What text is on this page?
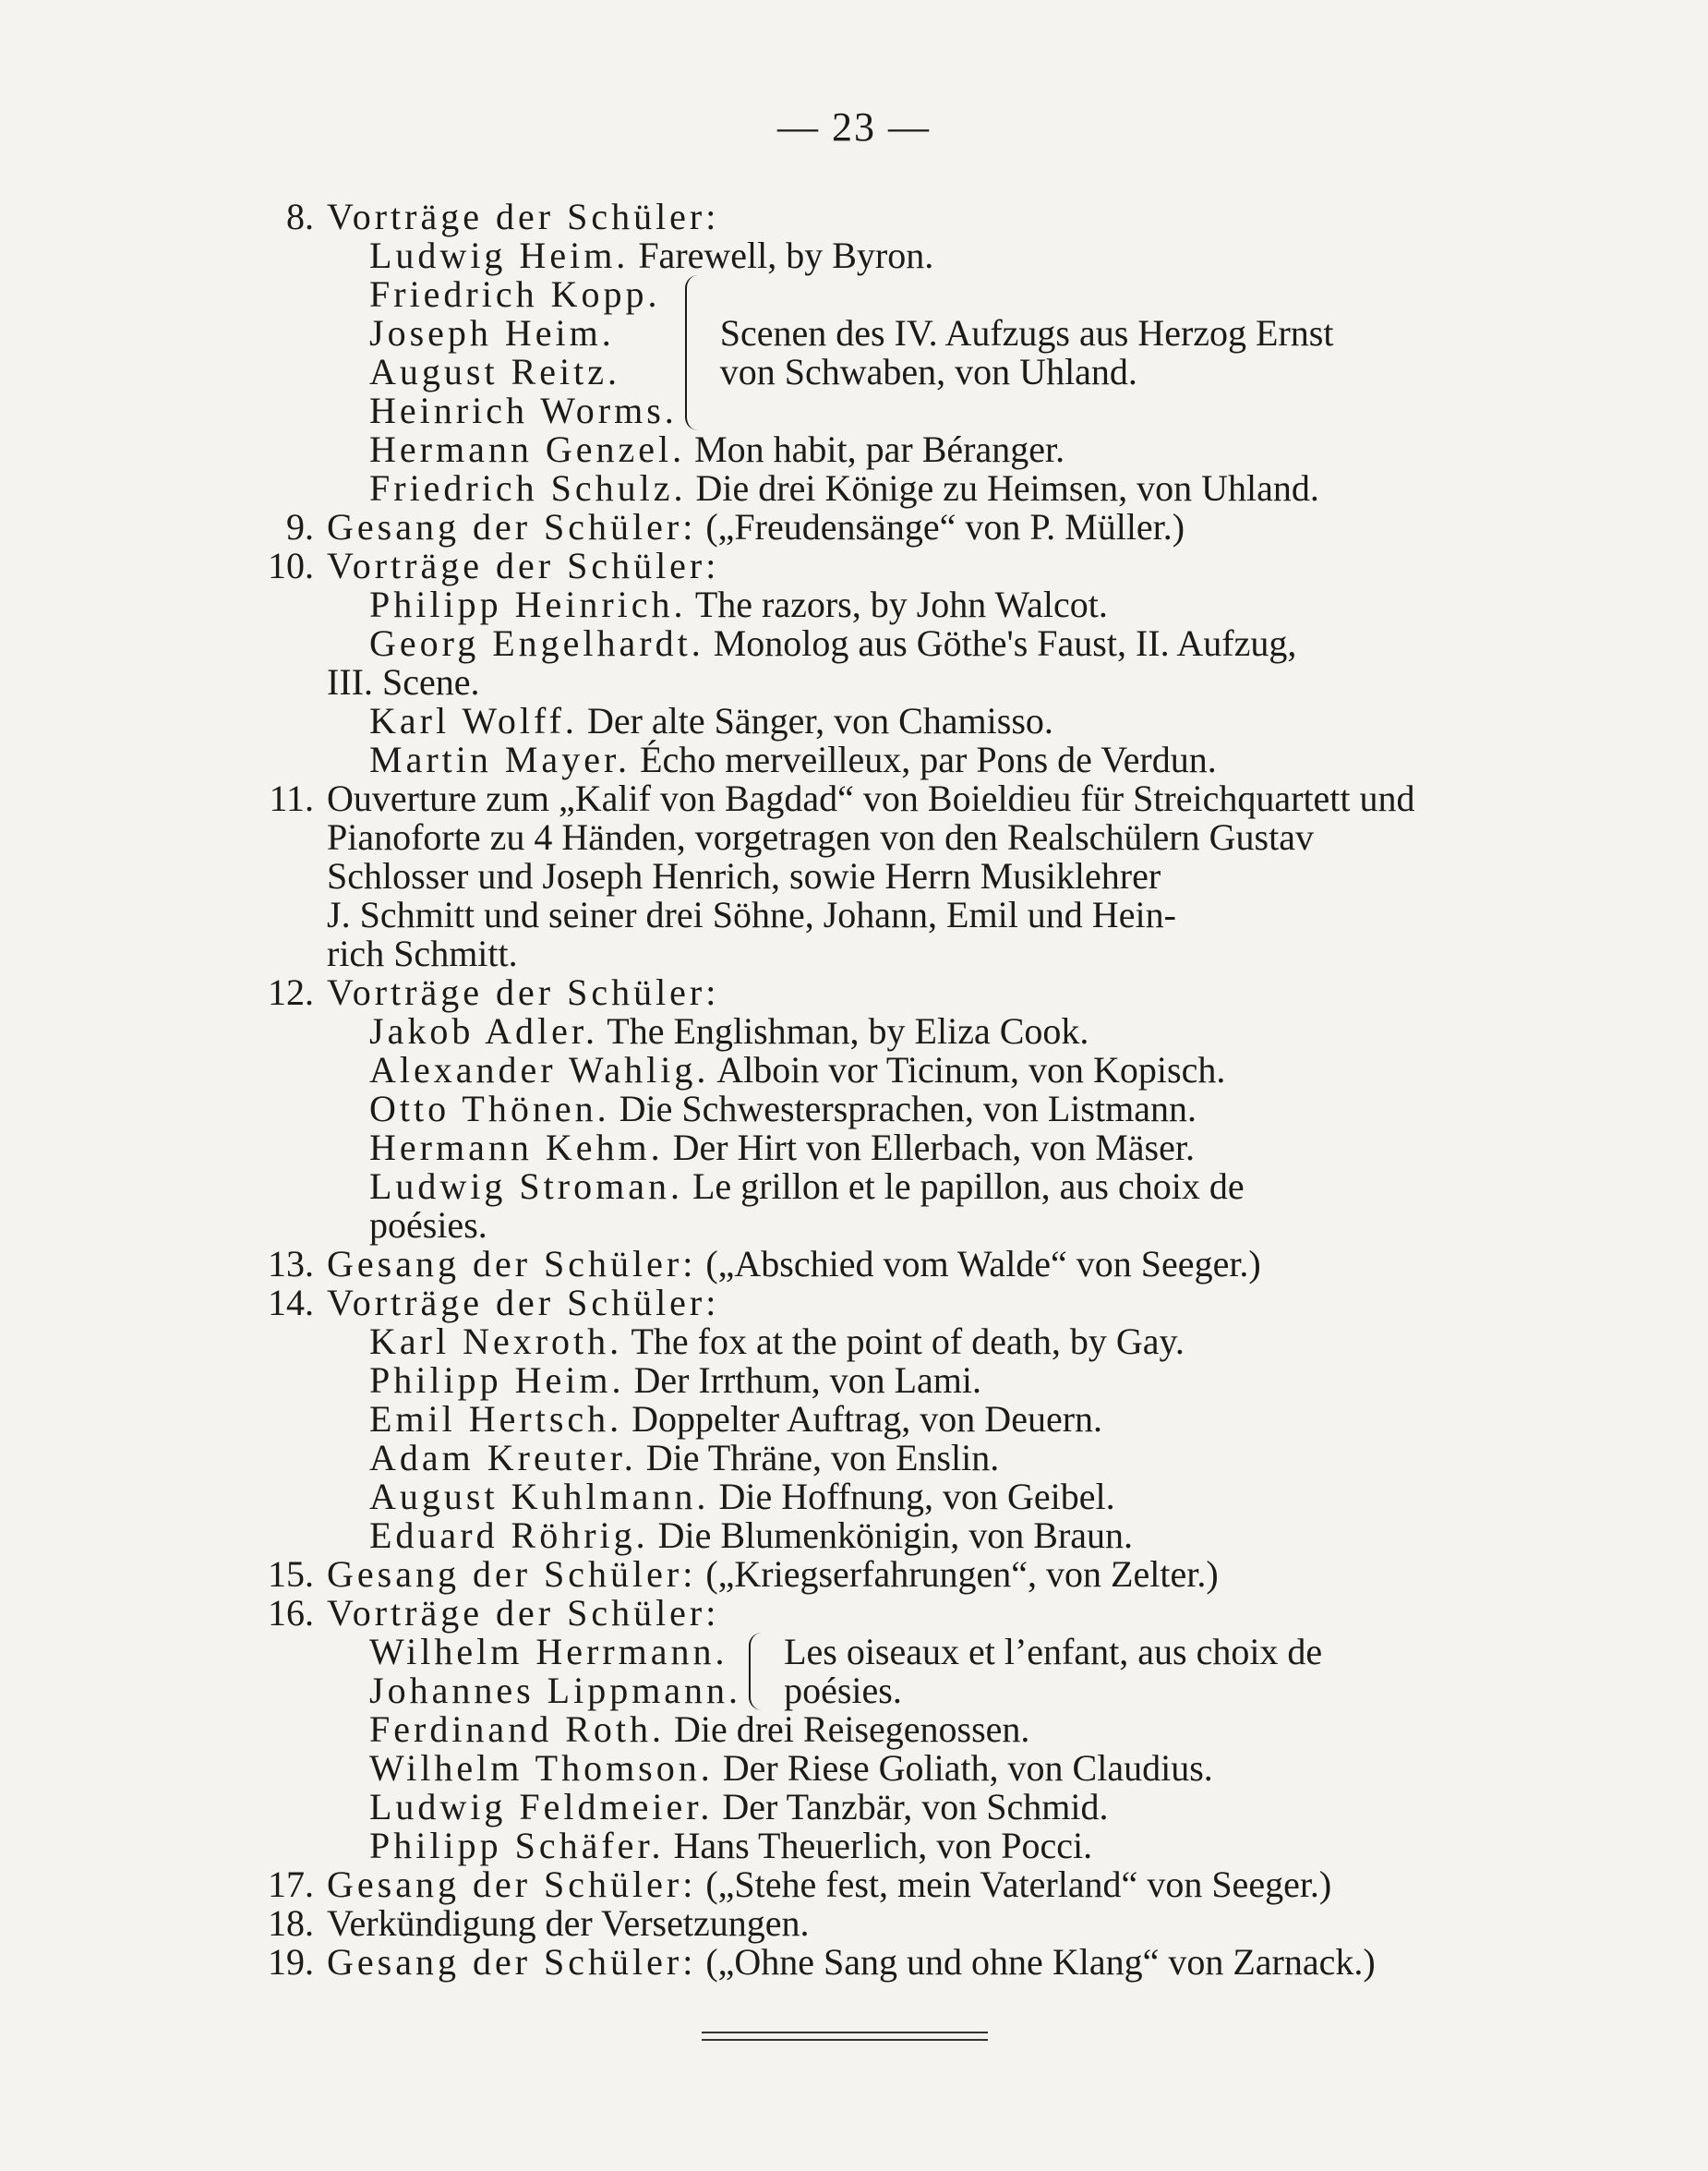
— 23 —
8. Vorträge der Schüler:
Ludwig Heim. Farewell, by Byron.
Friedrich Kopp.
Joseph Heim.
August Reitz.
Heinrich Worms.
Scenen des IV. Aufzugs aus Herzog Ernst
von Schwaben, von Uhland.
Hermann Genzel. Mon habit, par Béranger.
Friedrich Schulz. Die drei Könige zu Heimsen, von Uhland.
9. Gesang der Schüler: („Freudensänge“ von P. Müller.)
10. Vorträge der Schüler:
Philipp Heinrich. The razors, by John Walcot.
Georg Engelhardt. Monolog aus Göthe's Faust, II. Aufzug,
III. Scene.
Karl Wolff. Der alte Sänger, von Chamisso.
Martin Mayer. Écho merveilleux, par Pons de Verdun.
11. Ouverture zum „Kalif von Bagdad“ von Boieldieu für Streichquartett und
Pianoforte zu 4 Händen, vorgetragen von den Realschülern Gustav
Schlosser und Joseph Henrich, sowie Herrn Musiklehrer
J. Schmitt und seiner drei Söhne, Johann, Emil und Hein-
rich Schmitt.
12. Vorträge der Schüler:
Jakob Adler. The Englishman, by Eliza Cook.
Alexander Wahlig. Alboin vor Ticinum, von Kopisch.
Otto Thönen. Die Schwestersprachen, von Listmann.
Hermann Kehm. Der Hirt von Ellerbach, von Mäser.
Ludwig Stroman. Le grillon et le papillon, aus choix de
poésies.
13. Gesang der Schüler: („Abschied vom Walde“ von Seeger.)
14. Vorträge der Schüler:
Karl Nexroth. The fox at the point of death, by Gay.
Philipp Heim. Der Irrthum, von Lami.
Emil Hertsch. Doppelter Auftrag, von Deuern.
Adam Kreuter. Die Thräne, von Enslin.
August Kuhlmann. Die Hoffnung, von Geibel.
Eduard Röhrig. Die Blumenkönigin, von Braun.
15. Gesang der Schüler: („Kriegserfahrungen“, von Zelter.)
16. Vorträge der Schüler:
Wilhelm Herrmann.
Johannes Lippmann.
Les oiseaux et l’enfant, aus choix de
poésies.
Ferdinand Roth. Die drei Reisegenossen.
Wilhelm Thomson. Der Riese Goliath, von Claudius.
Ludwig Feldmeier. Der Tanzbär, von Schmid.
Philipp Schäfer. Hans Theuerlich, von Pocci.
17. Gesang der Schüler: („Stehe fest, mein Vaterland“ von Seeger.)
18. Verkündigung der Versetzungen.
19. Gesang der Schüler: („Ohne Sang und ohne Klang“ von Zarnack.)
